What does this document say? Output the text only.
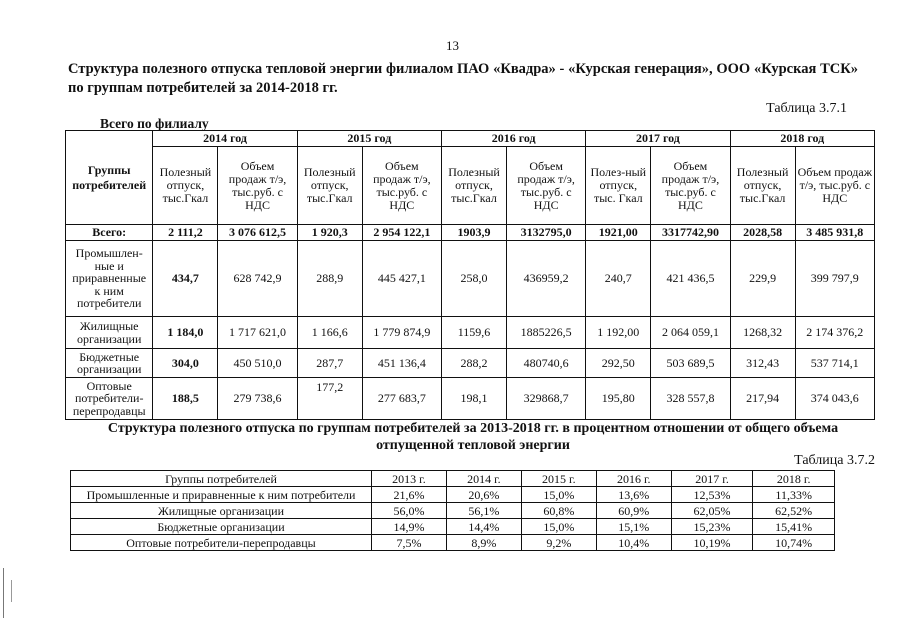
13
Структура полезного отпуска тепловой энергии филиалом ПАО «Квадра» - «Курская генерация», ООО «Курская ТСК» по группам потребителей за 2014-2018 гг.
Таблица 3.7.1
Всего по филиалу
Группы потребителей	2014 год		2015 год		2016 год		2017 год		2018 год	
	Полезный отпуск, тыс.Гкал	Объем продаж т/э, тыс.руб. с НДС	Полезный отпуск, тыс.Гкал	Объем продаж т/э, тыс.руб. с НДС	Полезный отпуск, тыс.Гкал	Объем продаж т/э, тыс.руб. с НДС	Полез-ный отпуск, тыс. Гкал	Объем продаж т/э, тыс.руб. с НДС	Полезный отпуск, тыс.Гкал	Объем продаж т/э, тыс.руб. с НДС
Всего:	2 111,2	3 076 612,5	1 920,3	2 954 122,1	1903,9	3132795,0	1921,00	3317742,90	2028,58	3 485 931,8
Промышлен-ные и приравненные к ним потребители	434,7	628 742,9	288,9	445 427,1	258,0	436959,2	240,7	421 436,5	229,9	399 797,9
Жилищные организации	1 184,0	1 717 621,0	1 166,6	1 779 874,9	1159,6	1885226,5	1 192,00	2 064 059,1	1268,32	2 174 376,2
Бюджетные организации	304,0	450 510,0	287,7	451 136,4	288,2	480740,6	292,50	503 689,5	312,43	537 714,1
Оптовые потребители-перепродавцы	188,5	279 738,6	177,2	277 683,7	198,1	329868,7	195,80	328 557,8	217,94	374 043,6
Структура полезного отпуска по группам потребителей за 2013-2018 гг. в процентном отношении от общего объема отпущенной тепловой энергии
Таблица 3.7.2
Группы потребителей	2013 г.	2014 г.	2015 г.	2016 г.	2017 г.	2018 г.
Промышленные и приравненные к ним потребители	21,6%	20,6%	15,0%	13,6%	12,53%	11,33%
Жилищные организации	56,0%	56,1%	60,8%	60,9%	62,05%	62,52%
Бюджетные организации	14,9%	14,4%	15,0%	15,1%	15,23%	15,41%
Оптовые потребители-перепродавцы	7,5%	8,9%	9,2%	10,4%	10,19%	10,74%
